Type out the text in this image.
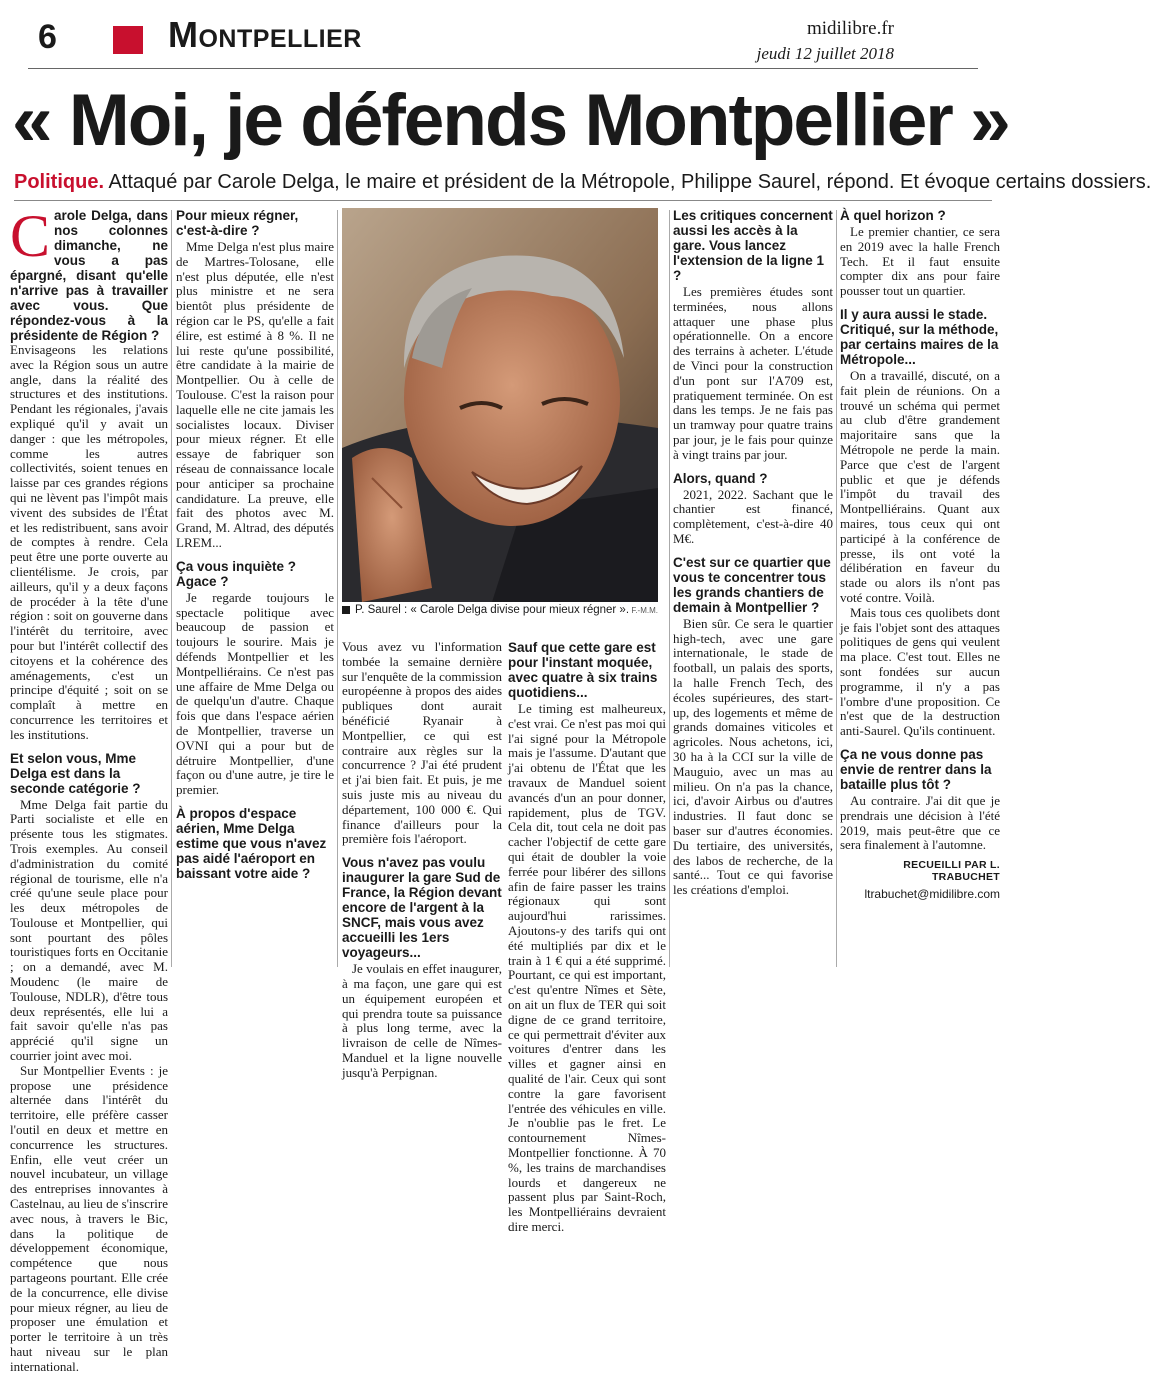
6	Montpellier	midilibre.fr
jeudi 12 juillet 2018
« Moi, je défends Montpellier »
Politique. Attaqué par Carole Delga, le maire et président de la Métropole, Philippe Saurel, répond. Et évoque certains dossiers.
C arole Delga, dans nos colonnes dimanche, ne vous a pas épargné, disant qu'elle n'arrive pas à travailler avec vous. Que répondez-vous à la présidente de Région ?

Envisageons les relations avec la Région sous un autre angle, dans la réalité des structures et des institutions. Pendant les régionales, j'avais expliqué qu'il y avait un danger : que les métropoles, comme les autres collectivités, soient tenues en laisse par ces grandes régions qui ne lèvent pas l'impôt mais vivent des subsides de l'État et les redistribuent, sans avoir de comptes à rendre. Cela peut être une porte ouverte au clientélisme. Je crois, par ailleurs, qu'il y a deux façons de procéder à la tête d'une région : soit on gouverne dans l'intérêt du territoire, avec pour but l'intérêt collectif des citoyens et la cohérence des aménagements, c'est un principe d'équité ; soit on se complaît à mettre en concurrence les territoires et les institutions.

Et selon vous, Mme Delga est dans la seconde catégorie ?

Mme Delga fait partie du Parti socialiste et elle en présente tous les stigmates. Trois exemples. Au conseil d'administration du comité régional de tourisme, elle n'a créé qu'une seule place pour les deux métropoles de Toulouse et Montpellier, qui sont pourtant des pôles touristiques forts en Occitanie ; on a demandé, avec M. Moudenc (le maire de Toulouse, NDLR), d'être tous deux représentés, elle lui a fait savoir qu'elle n'as pas apprécié qu'il signe un courrier joint avec moi.

Sur Montpellier Events : je propose une présidence alternée dans l'intérêt du territoire, elle préfère casser l'outil en deux et mettre en concurrence les structures. Enfin, elle veut créer un nouvel incubateur, un village des entreprises innovantes à Castelnau, au lieu de s'inscrire avec nous, à travers le Bic, dans la politique de développement économique, compétence que nous partageons pourtant. Elle crée de la concurrence, elle divise pour mieux régner, au lieu de proposer une émulation et porter le territoire à un très haut niveau sur le plan international.

Pour mieux régner, c'est-à-dire ?

Mme Delga n'est plus maire de Martres-Tolosane, elle n'est plus députée, elle n'est plus ministre et ne sera bientôt plus présidente de région car le PS, qu'elle a fait élire, est estimé à 8 %. Il ne lui reste qu'une possibilité, être candidate à la mairie de Montpellier. Ou à celle de Toulouse. C'est la raison pour laquelle elle ne cite jamais les socialistes locaux. Diviser pour mieux régner. Et elle essaye de fabriquer son réseau de connaissance locale pour anticiper sa prochaine candidature. La preuve, elle fait des photos avec M. Grand, M. Altrad, des députés LREM...

Ça vous inquiète ? Agace ?

Je regarde toujours le spectacle politique avec beaucoup de passion et toujours le sourire. Mais je défends Montpellier et les Montpelliérains. Ce n'est pas une affaire de Mme Delga ou de quelqu'un d'autre. Chaque fois que dans l'espace aérien de Montpellier, traverse un OVNI qui a pour but de détruire Montpellier, d'une façon ou d'une autre, je tire le premier.

À propos d'espace aérien, Mme Delga estime que vous n'avez pas aidé l'aéroport en baissant votre aide ?
P. Saurel : « Carole Delga divise pour mieux régner ». F.-M.M.

Vous avez vu l'information tombée la semaine dernière sur l'enquête de la commission européenne à propos des aides publiques dont aurait bénéficié Ryanair à Montpellier, ce qui est contraire aux règles sur la concurrence ? J'ai été prudent et j'ai bien fait. Et puis, je me suis juste mis au niveau du département, 100 000 €. Qui finance d'ailleurs pour la première fois l'aéroport.

Vous n'avez pas voulu inaugurer la gare Sud de France, la Région devant encore de l'argent à la SNCF, mais vous avez accueilli les 1ers voyageurs...

Je voulais en effet inaugurer, à ma façon, une gare qui est un équipement européen et qui prendra toute sa puissance à plus long terme, avec la livraison de celle de Nîmes-Manduel et la ligne nouvelle jusqu'à Perpignan.

Sauf que cette gare est pour l'instant moquée, avec quatre à six trains quotidiens...

Le timing est malheureux, c'est vrai. Ce n'est pas moi qui l'ai signé pour la Métropole mais je l'assume. D'autant que j'ai obtenu de l'État que les travaux de Manduel soient avancés d'un an pour donner, rapidement, plus de TGV. Cela dit, tout cela ne doit pas cacher l'objectif de cette gare qui était de doubler la voie ferrée pour libérer des sillons afin de faire passer les trains régionaux qui sont aujourd'hui rarissimes. Ajoutons-y des tarifs qui ont été multipliés par dix et le train à 1 € qui a été supprimé. Pourtant, ce qui est important, c'est qu'entre Nîmes et Sète, on ait un flux de TER qui soit digne de ce grand territoire, ce qui permettrait d'éviter aux voitures d'entrer dans les villes et gagner ainsi en qualité de l'air. Ceux qui sont contre la gare favorisent l'entrée des véhicules en ville. Je n'oublie pas le fret. Le contournement Nîmes-Montpellier fonctionne. À 70 %, les trains de marchandises lourds et dangereux ne passent plus par Saint-Roch, les Montpelliérains devraient dire merci.

Les critiques concernent aussi les accès à la gare. Vous lancez l'extension de la ligne 1 ?

Les premières études sont terminées, nous allons attaquer une phase plus opérationnelle. On a encore des terrains à acheter. L'étude de Vinci pour la construction d'un pont sur l'A709 est, pratiquement terminée. On est dans les temps. Je ne fais pas un tramway pour quatre trains par jour, je le fais pour quinze à vingt trains par jour.

Alors, quand ?

2021, 2022. Sachant que le chantier est financé, complètement, c'est-à-dire 40 M€.

C'est sur ce quartier que vous te concentrer tous les grands chantiers de demain à Montpellier ?

Bien sûr. Ce sera le quartier high-tech, avec une gare internationale, le stade de football, un palais des sports, la halle French Tech, des écoles supérieures, des start-up, des logements et même de grands domaines viticoles et agricoles. Nous achetons, ici, 30 ha à la CCI sur la ville de Mauguio, avec un mas au milieu. On n'a pas la chance, ici, d'avoir Airbus ou d'autres industries. Il faut donc se baser sur d'autres économies. Du tertiaire, des universités, des labos de recherche, de la santé... Tout ce qui favorise les créations d'emploi.

À quel horizon ?

Le premier chantier, ce sera en 2019 avec la halle French Tech. Et il faut ensuite compter dix ans pour faire pousser tout un quartier.

Il y aura aussi le stade. Critiqué, sur la méthode, par certains maires de la Métropole...

On a travaillé, discuté, on a fait plein de réunions. On a trouvé un schéma qui permet au club d'être grandement majoritaire sans que la Métropole ne perde la main. Parce que c'est de l'argent public et que je défends l'impôt du travail des Montpelliérains. Quant aux maires, tous ceux qui ont participé à la conférence de presse, ils ont voté la délibération en faveur du stade ou alors ils n'ont pas voté contre. Voilà.

Mais tous ces quolibets dont je fais l'objet sont des attaques politiques de gens qui veulent ma place. C'est tout. Elles ne sont fondées sur aucun programme, il n'y a pas l'ombre d'une proposition. Ce n'est que de la destruction anti-Saurel. Qu'ils continuent.

Ça ne vous donne pas envie de rentrer dans la bataille plus tôt ?

Au contraire. J'ai dit que je prendrais une décision à l'été 2019, mais peut-être que ce sera finalement à l'automne.

RECUEILLI PAR L. TRABUCHET
ltrabuchet@midilibre.com
